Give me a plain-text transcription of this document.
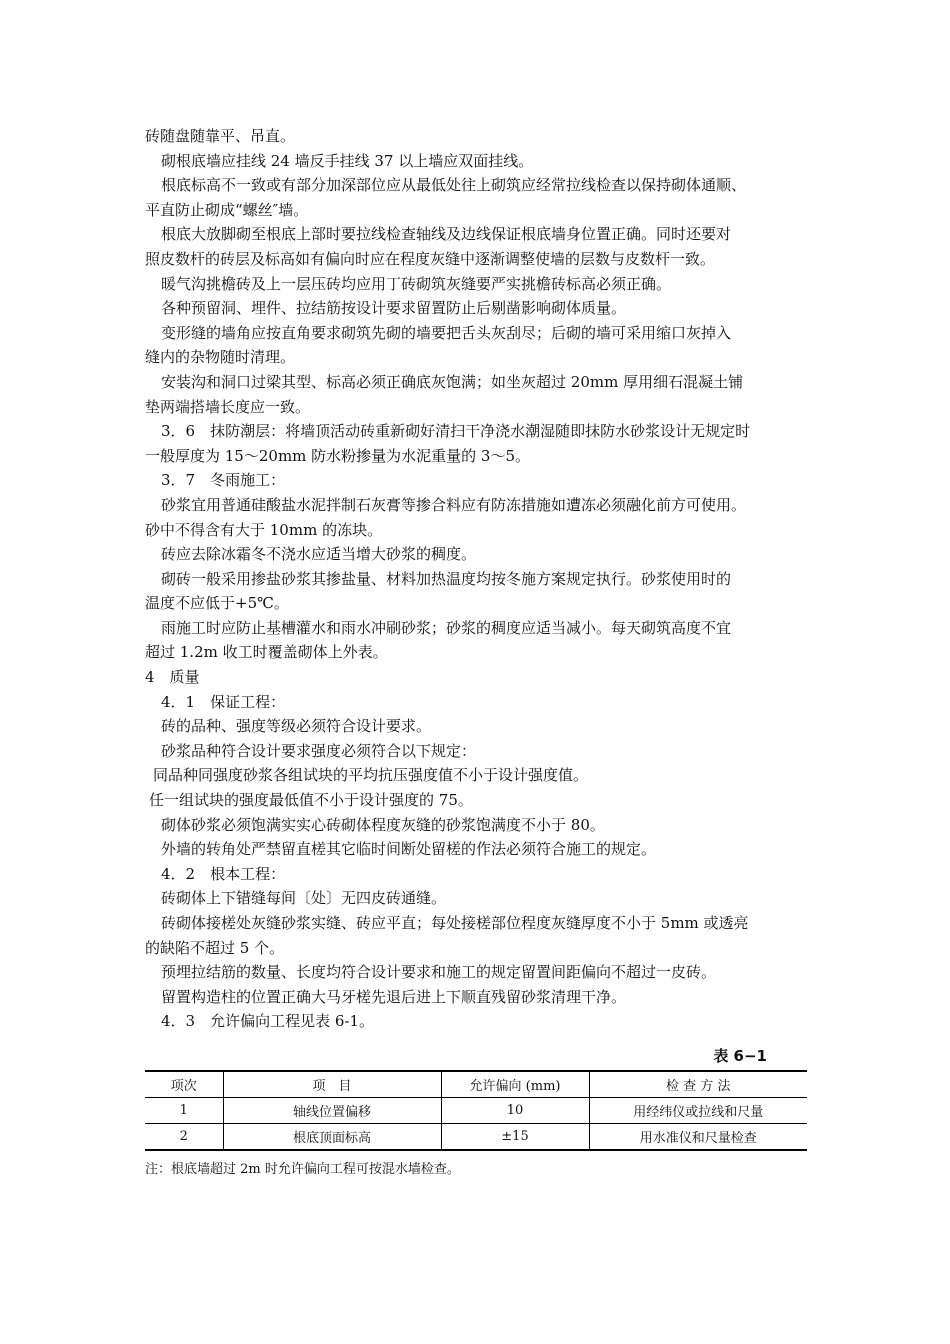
砖随盘随靠平、吊直。
砌根底墙应挂线 24 墙反手挂线 37 以上墙应双面挂线。
根底标高不一致或有部分加深部位应从最低处往上砌筑应经常拉线检查以保持砌体通顺、
平直防止砌成“螺丝″墙。
根底大放脚砌至根底上部时要拉线检查轴线及边线保证根底墙身位置正确。同时还要对
照皮数杆的砖层及标高如有偏向时应在程度灰缝中逐渐调整使墙的层数与皮数杆一致。
暖气沟挑檐砖及上一层压砖均应用丁砖砌筑灰缝要严实挑檐砖标高必须正确。
各种预留洞、埋件、拉结筋按设计要求留置防止后剔凿影响砌体质量。
变形缝的墙角应按直角要求砌筑先砌的墙要把舌头灰刮尽；后砌的墙可采用缩口灰掉入
缝内的杂物随时清理。
安装沟和洞口过梁其型、标高必须正确底灰饱满；如坐灰超过 20mm 厚用细石混凝土铺
垫两端搭墙长度应一致。
3．6　抹防潮层：将墙顶活动砖重新砌好清扫干净浇水潮湿随即抹防水砂浆设计无规定时
一般厚度为 15～20mm 防水粉掺量为水泥重量的 3～5。
3．7　冬雨施工：
砂浆宜用普通硅酸盐水泥拌制石灰膏等掺合料应有防冻措施如遭冻必须融化前方可使用。
砂中不得含有大于 10mm 的冻块。
砖应去除冰霜冬不浇水应适当增大砂浆的稠度。
砌砖一般采用掺盐砂浆其掺盐量、材料加热温度均按冬施方案规定执行。砂浆使用时的
温度不应低于+5℃。
雨施工时应防止基槽灌水和雨水冲刷砂浆；砂浆的稠度应适当减小。每天砌筑高度不宜
超过 1.2m 收工时覆盖砌体上外表。
4　质量
4．1　保证工程：
砖的品种、强度等级必须符合设计要求。
砂浆品种符合设计要求强度必须符合以下规定：
同品种同强度砂浆各组试块的平均抗压强度值不小于设计强度值。
任一组试块的强度最低值不小于设计强度的 75。
砌体砂浆必须饱满实实心砖砌体程度灰缝的砂浆饱满度不小于 80。
外墙的转角处严禁留直槎其它临时间断处留槎的作法必须符合施工的规定。
4．2　根本工程：
砖砌体上下错缝每间〔处〕无四皮砖通缝。
砖砌体接槎处灰缝砂浆实缝、砖应平直；每处接槎部位程度灰缝厚度不小于 5mm 或透亮
的缺陷不超过 5 个。
预埋拉结筋的数量、长度均符合设计要求和施工的规定留置间距偏向不超过一皮砖。
留置构造柱的位置正确大马牙槎先退后进上下顺直残留砂浆清理干净。
4．3　允许偏向工程见表 6-1。
表 6−1
项次	项　目	允许偏向 (mm)	检 查 方 法
1	轴线位置偏移	10	用经纬仪或拉线和尺量
2	根底顶面标高	±15	用水准仪和尺量检查
注：根底墙超过 2m 时允许偏向工程可按混水墙检查。
